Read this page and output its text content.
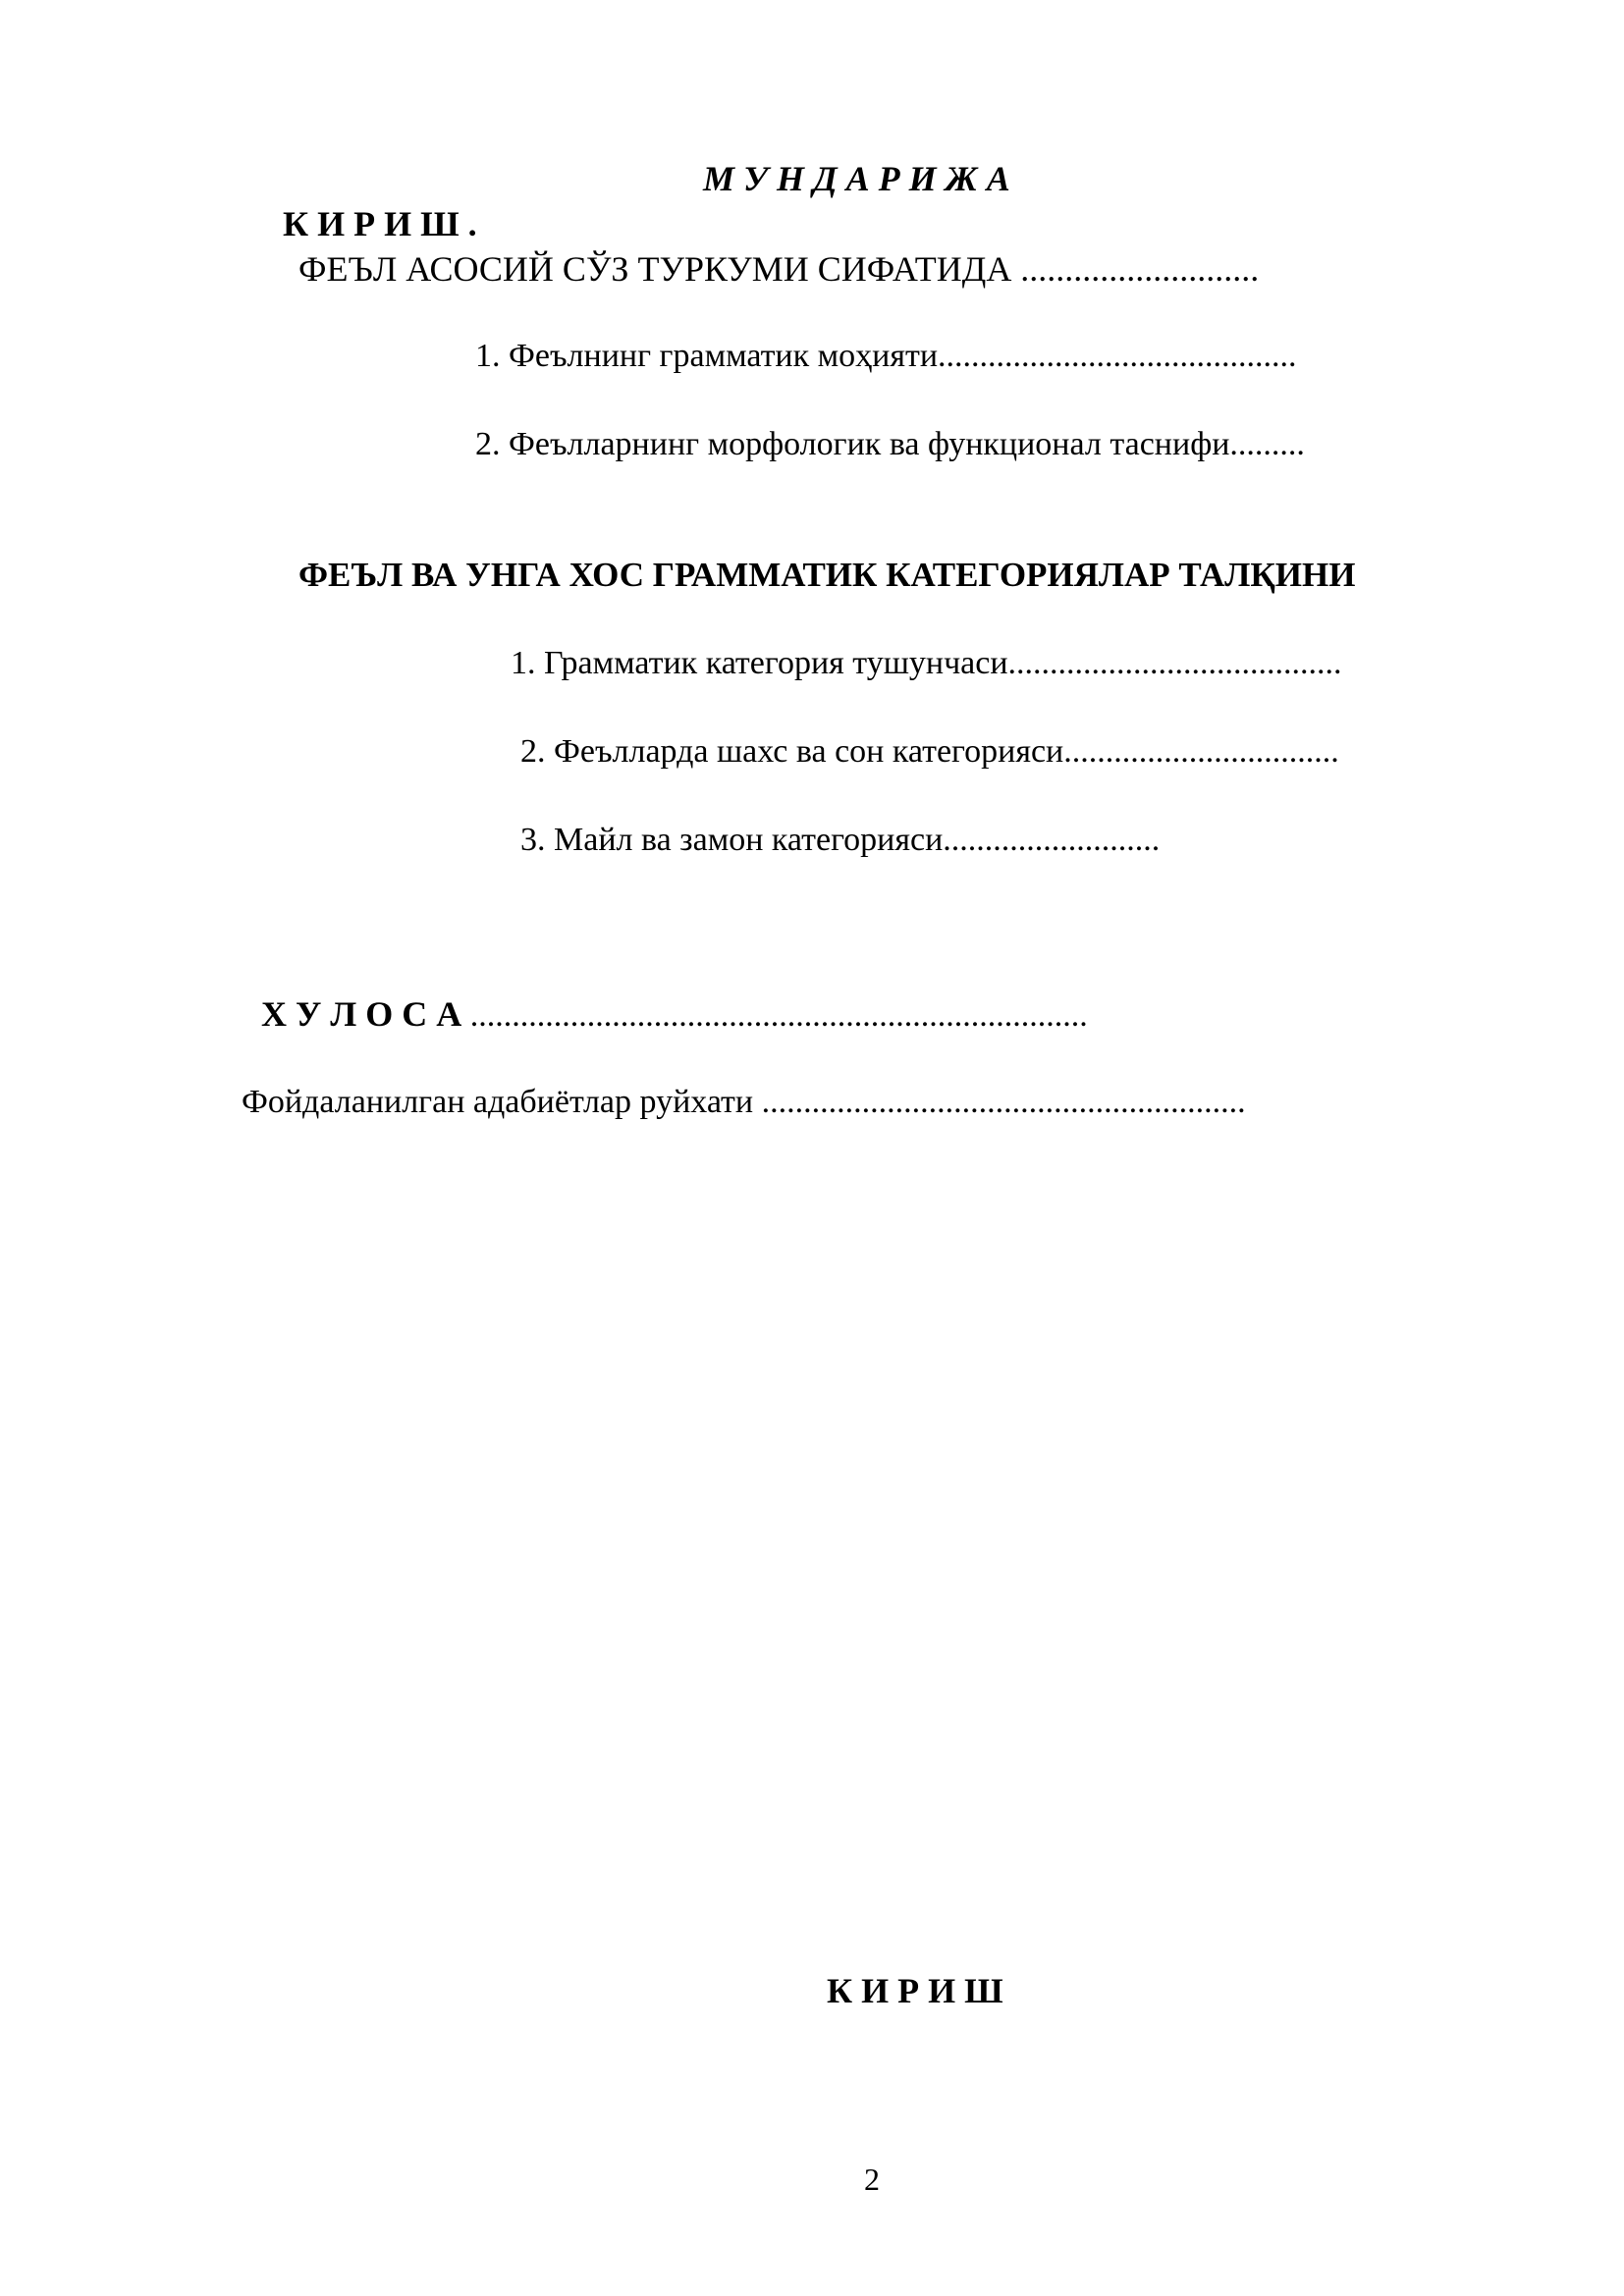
М У Н Д А Р И Ж А
К И Р И Ш .
ФЕЪЛ АСОСИЙ СЎЗ ТУРКУМИ СИФАТИДА ...........................
1. Феълнинг грамматик моҳияти...........................................
2. Феълларнинг морфологик ва функционал таснифи.........
ФЕЪЛ ВА УНГА ХОС ГРАММАТИК КАТЕГОРИЯЛАР ТАЛҚИНИ
1. Грамматик категория тушунчаси........................................
2. Феълларда шахс ва сон категорияси.................................
3. Майл ва замон категорияси..........................
Х У Л О С А ..........................................................................
Фойдаланилган адабиётлар руйхати ..........................................................
К И Р И Ш
2
